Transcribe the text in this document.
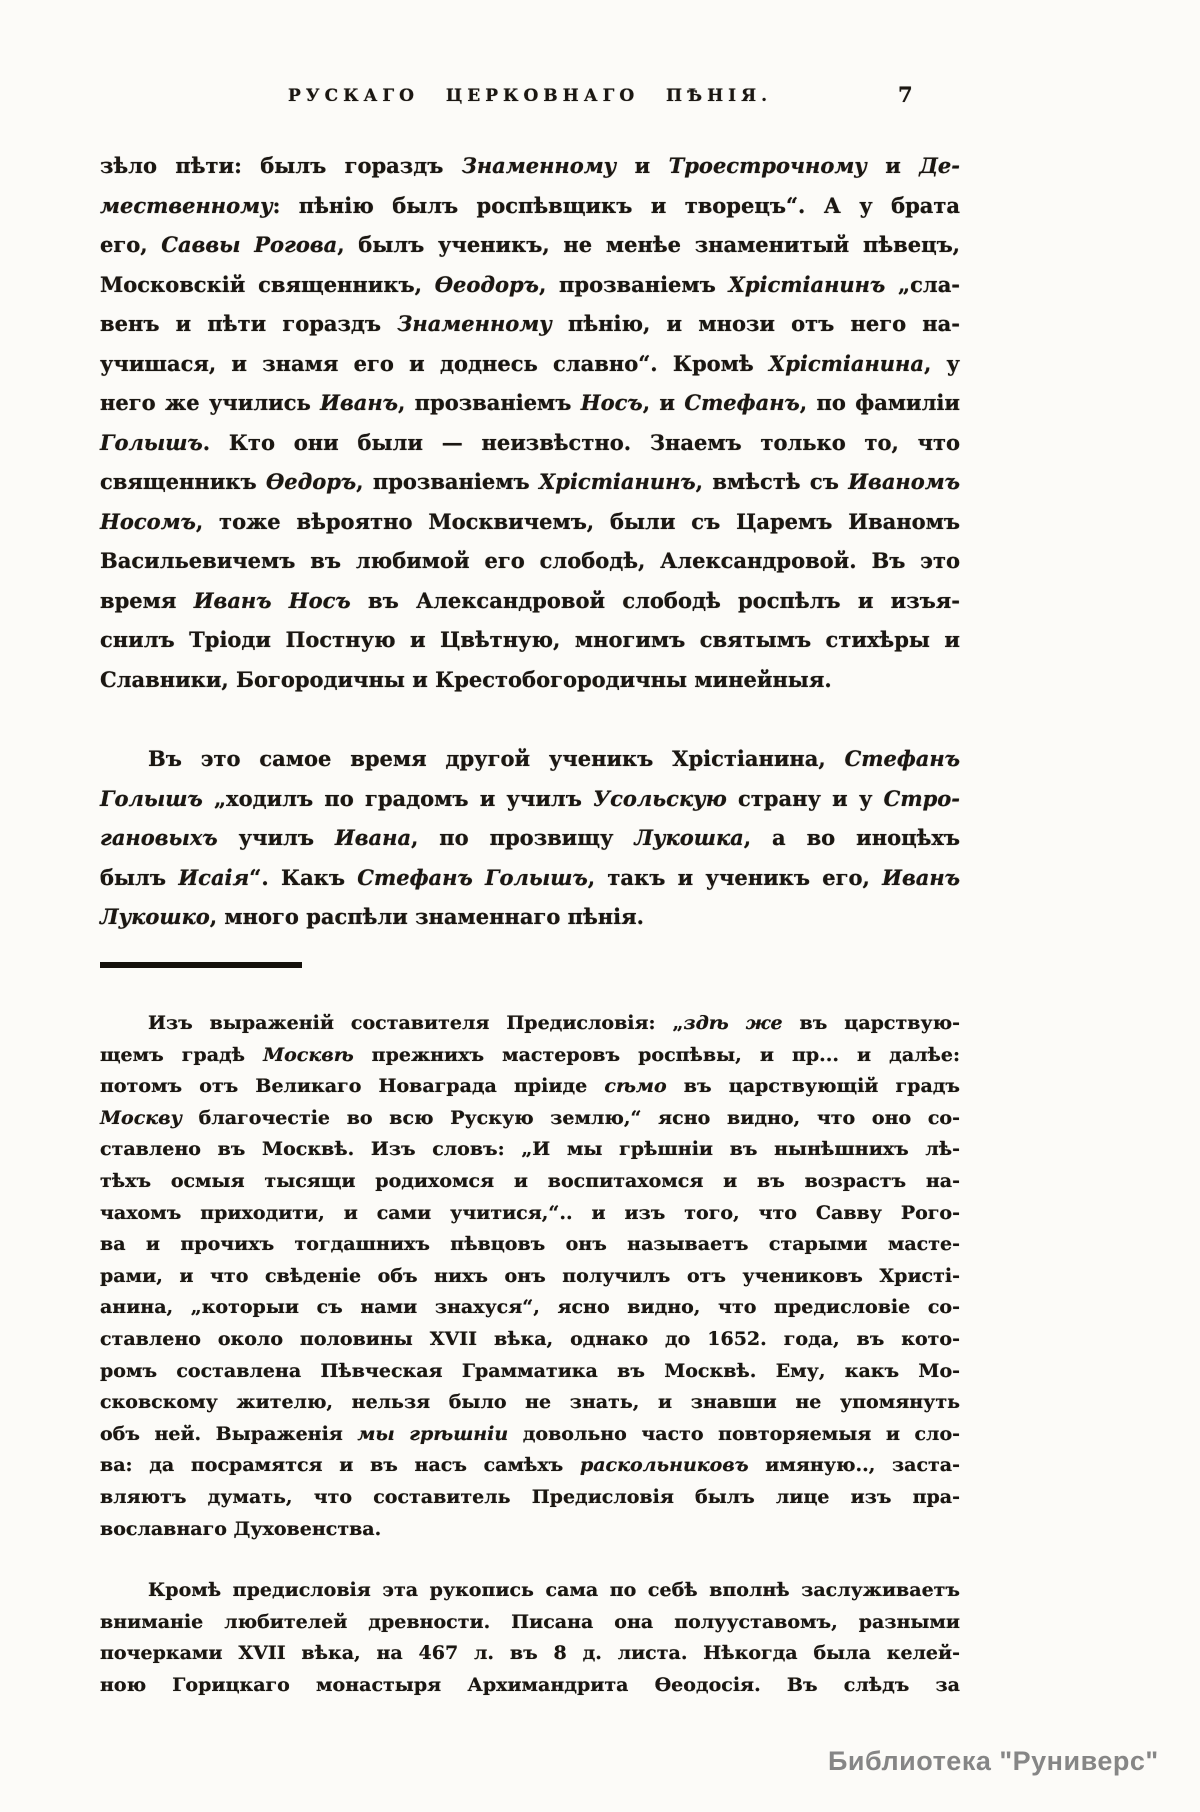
РУСКАГО ЦЕРКОВНАГО ПѢНІЯ.	7
зѣло пѣти: былъ гораздъ Знаменному и Троестрочному и Де-
мественному: пѣнію былъ роспѣвщикъ и творецъ“. А у брата
его, Саввы Рогова, былъ ученикъ, не менѣе знаменитый пѣвецъ,
Московскій священникъ, Ѳеодоръ, прозваніемъ Хрістіанинъ „сла-
венъ и пѣти гораздъ Знаменному пѣнію, и мнози отъ него на-
учишася, и знамя его и доднесь славно“. Кромѣ Хрістіанина, у
него же учились Иванъ, прозваніемъ Носъ, и Стефанъ, по фамиліи
Голышъ. Кто они были — неизвѣстно. Знаемъ только то, что
священникъ Ѳедоръ, прозваніемъ Хрістіанинъ, вмѣстѣ съ Иваномъ
Носомъ, тоже вѣроятно Москвичемъ, были съ Царемъ Иваномъ
Васильевичемъ въ любимой его слободѣ, Александровой. Въ это
время Иванъ Носъ въ Александровой слободѣ роспѣлъ и изъя-
снилъ Тріоди Постную и Цвѣтную, многимъ святымъ стихѣры и
Славники, Богородичны и Крестобогородичны минейныя.
Въ это самое время другой ученикъ Хрістіанина, Стефанъ
Голышъ „ходилъ по градомъ и училъ Усольскую страну и у Стро-
гановыхъ училъ Ивана, по прозвищу Лукошка, а во иноцѣхъ
былъ Исаія“. Какъ Стефанъ Голышъ, такъ и ученикъ его, Иванъ
Лукошко, много распѣли знаменнаго пѣнія.
Изъ выраженій составителя Предисловія: „здѣ же въ царствую-
щемъ градѣ Москвѣ прежнихъ мастеровъ роспѣвы, и пр... и далѣе:
потомъ отъ Великаго Новаграда пріиде сѣмо въ царствующій градъ
Москву благочестіе во всю Рускую землю,“ ясно видно, что оно со-
ставлено въ Москвѣ. Изъ словъ: „И мы грѣшніи въ нынѣшнихъ лѣ-
тѣхъ осмыя тысящи родихомся и воспитахомся и въ возрастъ на-
чахомъ приходити, и сами учитися,“.. и изъ того, что Савву Рого-
ва и прочихъ тогдашнихъ пѣвцовъ онъ называетъ старыми масте-
рами, и что свѣденіе объ нихъ онъ получилъ отъ учениковъ Христі-
анина, „которыи съ нами знахуся“, ясно видно, что предисловіе со-
ставлено около половины XVII вѣка, однако до 1652. года, въ кото-
ромъ составлена Пѣвческая Грамматика въ Москвѣ. Ему, какъ Мо-
сковскому жителю, нельзя было не знать, и знавши не упомянуть
объ ней. Выраженія мы грѣшніи довольно часто повторяемыя и сло-
ва: да посрамятся и въ насъ самѣхъ раскольниковъ имяную.., заста-
вляютъ думать, что составитель Предисловія былъ лице изъ пра-
вославнаго Духовенства.
Кромѣ предисловія эта рукопись сама по себѣ вполнѣ заслуживаетъ
вниманіе любителей древности. Писана она полууставомъ, разными
почерками XVII вѣка, на 467 л. въ 8 д. листа. Нѣкогда была келей-
ною Горицкаго монастыря Архимандрита Ѳеодосія. Въ слѣдъ за
Библиотека "Руниверс"
